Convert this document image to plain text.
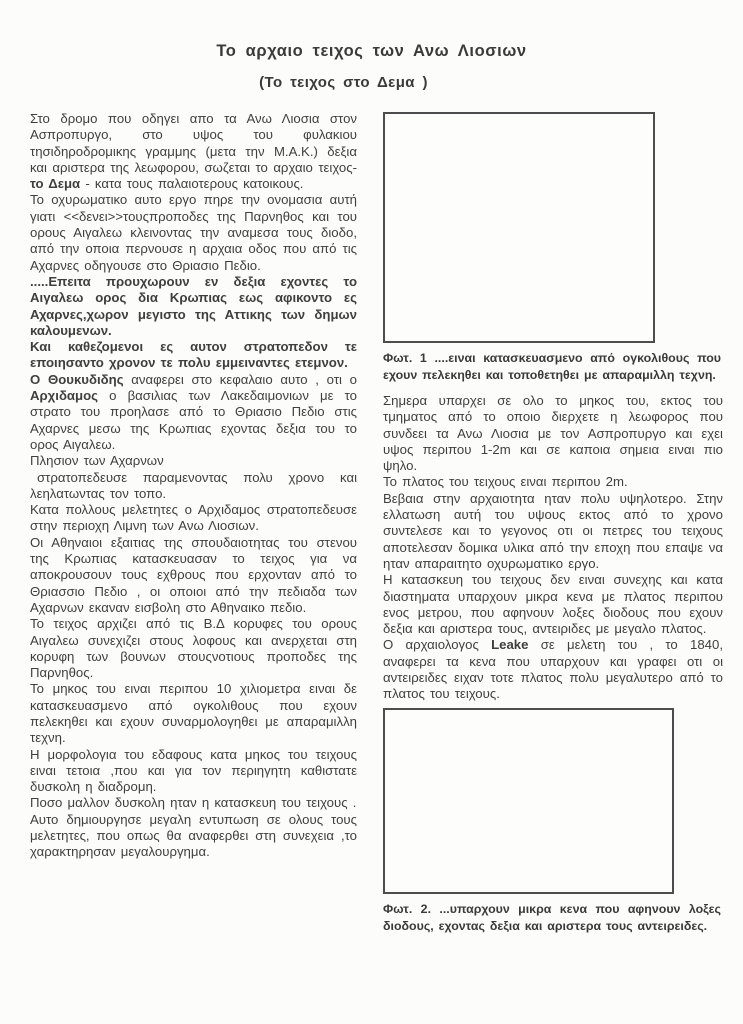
Το αρχαιο τειχος των Ανω Λιοσιων
(Το τειχος στο Δεμα )

Στο δρομο που οδηγει απο τα Ανω Λιοσια στον Ασπροπυργο, στο υψος του φυλακιου τησιδηροδρομικης γραμμης (μετα την Μ.Α.Κ.) δεξια και αριστερα της λεωφορου, σωζεται το αρχαιο τειχος- το Δεμα - κατα τους παλαιοτερους κατοικους.

Το οχυρωματικο αυτο εργο πηρε την ονομασια αυτή γιατι <<δενει>>τουςπροποδες της Παρνηθος και του ορους Αιγαλεω κλεινοντας την αναμεσα τους διοδο, από την οποια περνουσε η αρχαια οδος που από τις Αχαρνες οδηγουσε στο Θριασιο Πεδιο.

.....Επειτα προυχωρουν εν δεξια εχοντες το Αιγαλεω ορος δια Κρωπιας εως αφικοντο ες Αχαρνες,χωρον μεγιστο της Αττικης των δημων καλουμενων.

Και καθεζομενοι ες αυτον στρατοπεδον τε εποιησαντο χρονον τε πολυ εμμειναντες ετεμνον.

Ο Θουκυδιδης αναφερει στο κεφαλαιο αυτο , οτι ο Αρχιδαμος ο βασιλιας των Λακεδαιμονιων με το στρατο του προηλασε από το Θριασιο Πεδιο στις Αχαρνες μεσω της Κρωπιας εχοντας δεξια του το ορος Αιγαλεω.

Πλησιον των Αχαρνων

στρατοπεδευσε παραμενοντας πολυ χρονο και λεηλατωντας τον τοπο.

Κατα πολλους μελετητες ο Αρχιδαμος στρατοπεδευσε στην περιοχη Λιμνη των Ανω Λιοσιων.

Οι Αθηναιοι εξαιτιας της σπουδαιοτητας του στενου της Κρωπιας κατασκευασαν το τειχος για να αποκρουσουν τους εχθρους που ερχονταν από το Θριασσιο Πεδιο , οι οποιοι από την πεδιαδα των Αχαρνων εκαναν εισβολη στο Αθηναικο πεδιο.

Το τειχος αρχιζει από τις Β.Δ κορυφες του ορους Αιγαλεω συνεχιζει στους λοφους και ανερχεται στη κορυφη των βουνων στουςνοτιους προποδες της Παρνηθος.

Το μηκος του ειναι περιπου 10 χιλιομετρα ειναι δε κατασκευασμενο από ογκολιθους που εχουν πελεκηθει και εχουν συναρμολογηθει με απαραμιλλη τεχνη.

Η μορφολογια του εδαφους κατα μηκος του τειχους ειναι τετοια ,που και για τον περιηγητη καθιστατε δυσκολη η διαδρομη.

Ποσο μαλλον δυσκολη ηταν η κατασκευη του τειχους .

Αυτο δημιουργησε μεγαλη εντυπωση σε ολους τους μελετητες, που οπως θα αναφερθει στη συνεχεια ,το χαρακτηρησαν μεγαλουργημα.

Φωτ. 1 ....ειναι κατασκευασμενο από ογκολιθους που εχουν πελεκηθει και τοποθετηθει με απαραμιλλη τεχνη.

Σημερα υπαρχει σε ολο το μηκος του, εκτος του τμηματος από το οποιο διερχετε η λεωφορος που συνδεει τα Ανω Λιοσια με τον Ασπροπυργο και εχει υψος περιπου 1-2m και σε καποια σημεια ειναι πιο ψηλο.

Το πλατος του τειχους ειναι περιπου 2m.

Βεβαια στην αρχαιοτητα ηταν πολυ υψηλοτερο. Στην ελλατωση αυτή του υψους εκτος από το χρονο συντελεσε και το γεγονος οτι οι πετρες του τειχους αποτελεσαν δομικα υλικα από την εποχη που επαψε να ηταν απαραιτητο οχυρωματικο εργο.

Η κατασκευη του τειχους δεν ειναι συνεχης και κατα διαστηματα υπαρχουν μικρα κενα με πλατος περιπου ενος μετρου, που αφηνουν λοξες διοδους που εχουν δεξια και αριστερα τους, αντειριδες με μεγαλο πλατος.

Ο αρχαιολογος Leake σε μελετη του , το 1840, αναφερει τα κενα που υπαρχουν και γραφει οτι οι αντειρειδες ειχαν τοτε πλατος πολυ μεγαλυτερο από το πλατος του τειχους.

Φωτ. 2. ...υπαρχουν μικρα κενα που αφηνουν λοξες διοδους, εχοντας δεξια και αριστερα τους αντειρειδες.
